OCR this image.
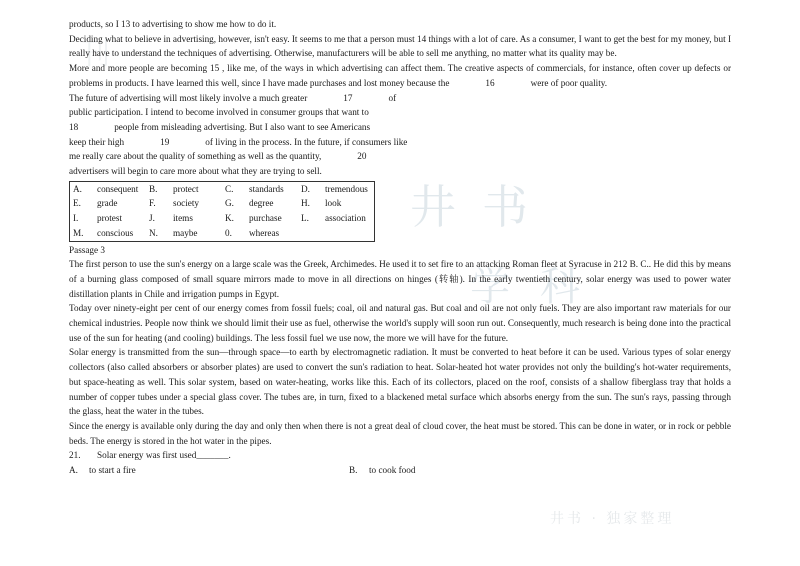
刊
井书
学科
井书 · 独家整理

products, so I 13 to advertising to show me how to do it.

Deciding what to believe in advertising, however, isn't easy. It seems to me that a person must 14 things with a lot of care. As a consumer, I want to get the best for my money, but I really have to understand the techniques of advertising. Otherwise, manufacturers will be able to sell me anything, no matter what its quality may be.

More and more people are becoming 15 , like me, of the ways in which advertising can affect them. The creative aspects of commercials, for instance, often cover up defects or problems in products. I have learned this well, since I have made purchases and lost money because the	16	were of poor quality.

The future of advertising will most likely involve a much greater	17	of

public participation. I intend to become involved in consumer groups that want to

18	people from misleading advertising. But I also want to see Americans

keep their high	19	of living in the process. In the future, if consumers like

me really care about the quality of something as well as the quantity,	20

advertisers will begin to care more about what they are trying to sell.

A.	consequent	B.	protect	C.	standards	D.	tremendous
E.	grade	F.	society	G.	degree	H.	look
I.	protest	J.	items	K.	purchase	L.	association
M.	conscious	N.	maybe	0.	whereas		

Passage 3

The first person to use the sun's energy on a large scale was the Greek, Archimedes. He used it to set fire to an attacking Roman fleet at Syracuse in 212 B. C.. He did this by means of a burning glass composed of small square mirrors made to move in all directions on hinges (转轴). In the early twentieth century, solar energy was used to power water distillation plants in Chile and irrigation pumps in Egypt.

Today over ninety-eight per cent of our energy comes from fossil fuels; coal, oil and natural gas. But coal and oil are not only fuels. They are also important raw materials for our chemical industries. People now think we should limit their use as fuel, otherwise the world's supply will soon run out. Consequently, much research is being done into the practical use of the sun for heating (and cooling) buildings. The less fossil fuel we use now, the more we will have for the future.

Solar energy is transmitted from the sun—through space—to earth by electromagnetic radiation. It must be converted to heat before it can be used. Various types of solar energy collectors (also called absorbers or absorber plates) are used to convert the sun's radiation to heat. Solar-heated hot water provides not only the building's hot-water requirements, but space-heating as well. This solar system, based on water-heating, works like this. Each of its collectors, placed on the roof, consists of a shallow fiberglass tray that holds a number of copper tubes under a special glass cover. The tubes are, in turn, fixed to a blackened metal surface which absorbs energy from the sun. The sun's rays, passing through the glass, heat the water in the tubes.

Since the energy is available only during the day and only then when there is not a great deal of cloud cover, the heat must be stored. This can be done in water, or in rock or pebble beds. The energy is stored in the hot water in the pipes.

21. Solar energy was first used_______.

A. to start a fire	B. to cook food
